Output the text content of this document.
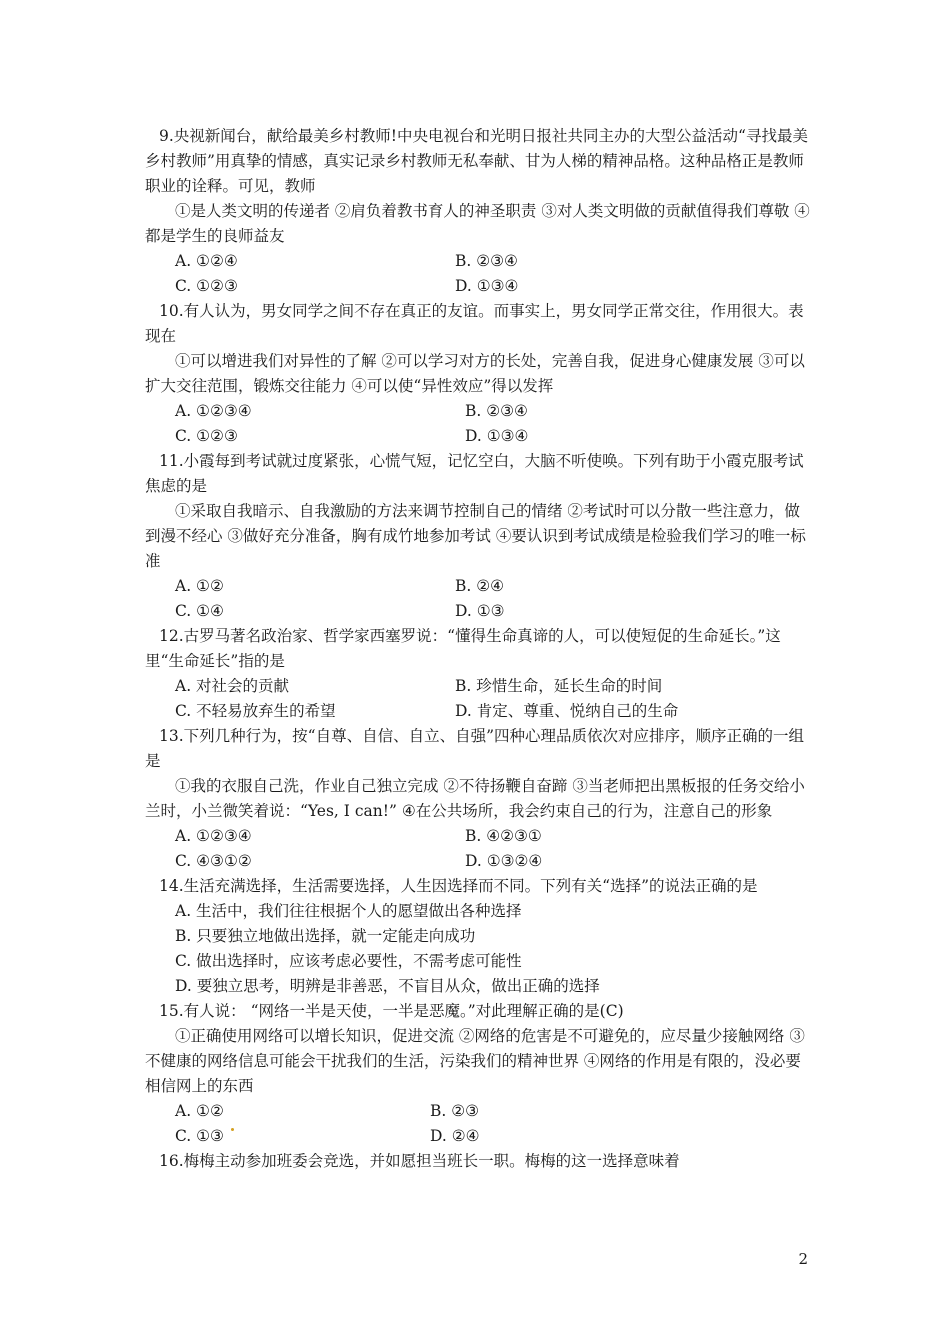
9.央视新闻台，献给最美乡村教师!中央电视台和光明日报社共同主办的大型公益活动“寻找最美乡村教师”用真挚的情感，真实记录乡村教师无私奉献、甘为人梯的精神品格。这种品格正是教师职业的诠释。可见，教师

①是人类文明的传递者 ②肩负着教书育人的神圣职责 ③对人类文明做的贡献值得我们尊敬 ④都是学生的良师益友

A. ①②④	B. ②③④
C. ①②③	D. ①③④

10.有人认为，男女同学之间不存在真正的友谊。而事实上，男女同学正常交往，作用很大。表现在

①可以增进我们对异性的了解 ②可以学习对方的长处，完善自我，促进身心健康发展 ③可以扩大交往范围，锻炼交往能力 ④可以使“异性效应”得以发挥

A. ①②③④	B. ②③④
C. ①②③	D. ①③④

11.小霞每到考试就过度紧张，心慌气短，记忆空白，大脑不听使唤。下列有助于小霞克服考试焦虑的是

①采取自我暗示、自我激励的方法来调节控制自己的情绪 ②考试时可以分散一些注意力，做到漫不经心 ③做好充分准备，胸有成竹地参加考试 ④要认识到考试成绩是检验我们学习的唯一标准

A. ①②	B. ②④
C. ①④	D. ①③

12.古罗马著名政治家、哲学家西塞罗说：“懂得生命真谛的人，可以使短促的生命延长。”这里“生命延长”指的是

A. 对社会的贡献	B. 珍惜生命，延长生命的时间
C. 不轻易放弃生的希望	D. 肯定、尊重、悦纳自己的生命

13.下列几种行为，按“自尊、自信、自立、自强”四种心理品质依次对应排序，顺序正确的一组是

①我的衣服自己洗，作业自己独立完成 ②不待扬鞭自奋蹄 ③当老师把出黑板报的任务交给小兰时，小兰微笑着说：“Yes, I can!” ④在公共场所，我会约束自己的行为，注意自己的形象

A. ①②③④	B. ④②③①
C. ④③①②	D. ①③②④

14.生活充满选择，生活需要选择，人生因选择而不同。下列有关“选择”的说法正确的是

A. 生活中，我们往往根据个人的愿望做出各种选择

B. 只要独立地做出选择，就一定能走向成功

C. 做出选择时，应该考虑必要性，不需考虑可能性

D. 要独立思考，明辨是非善恶，不盲目从众，做出正确的选择

15.有人说： “网络一半是天使，一半是恶魔。”对此理解正确的是(C)

①正确使用网络可以增长知识，促进交流 ②网络的危害是不可避免的，应尽量少接触网络 ③不健康的网络信息可能会干扰我们的生活，污染我们的精神世界 ④网络的作用是有限的，没必要相信网上的东西

A. ①②	B. ②③
C. ①③	D. ②④

16.梅梅主动参加班委会竞选，并如愿担当班长一职。梅梅的这一选择意味着

2
